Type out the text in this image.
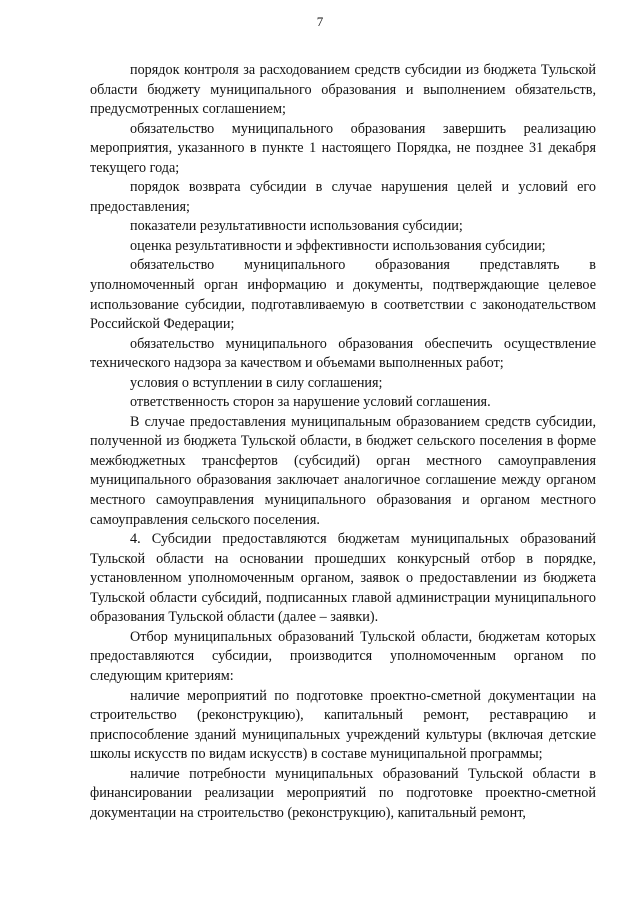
7

порядок контроля за расходованием средств субсидии из бюджета Тульской области бюджету муниципального образования и выполнением обязательств, предусмотренных соглашением;

обязательство муниципального образования завершить реализацию мероприятия, указанного в пункте 1 настоящего Порядка, не позднее 31 декабря текущего года;

порядок возврата субсидии в случае нарушения целей и условий его предоставления;

показатели результативности использования субсидии;

оценка результативности и эффективности использования субсидии;

обязательство муниципального образования представлять в уполномоченный орган информацию и документы, подтверждающие целевое использование субсидии, подготавливаемую в соответствии с законодательством Российской Федерации;

обязательство муниципального образования обеспечить осуществление технического надзора за качеством и объемами выполненных работ;

условия о вступлении в силу соглашения;

ответственность сторон за нарушение условий соглашения.

В случае предоставления муниципальным образованием средств субсидии, полученной из бюджета Тульской области, в бюджет сельского поселения в форме межбюджетных трансфертов (субсидий) орган местного самоуправления муниципального образования заключает аналогичное соглашение между органом местного самоуправления муниципального образования и органом местного самоуправления сельского поселения.

4. Субсидии предоставляются бюджетам муниципальных образований Тульской области на основании прошедших конкурсный отбор в порядке, установленном уполномоченным органом, заявок о предоставлении из бюджета Тульской области субсидий, подписанных главой администрации муниципального образования Тульской области (далее – заявки).

Отбор муниципальных образований Тульской области, бюджетам которых предоставляются субсидии, производится уполномоченным органом по следующим критериям:

наличие мероприятий по подготовке проектно-сметной документации на строительство (реконструкцию), капитальный ремонт, реставрацию и приспособление зданий муниципальных учреждений культуры (включая детские школы искусств по видам искусств) в составе муниципальной программы;

наличие потребности муниципальных образований Тульской области в финансировании реализации мероприятий по подготовке проектно-сметной документации на строительство (реконструкцию), капитальный ремонт,
